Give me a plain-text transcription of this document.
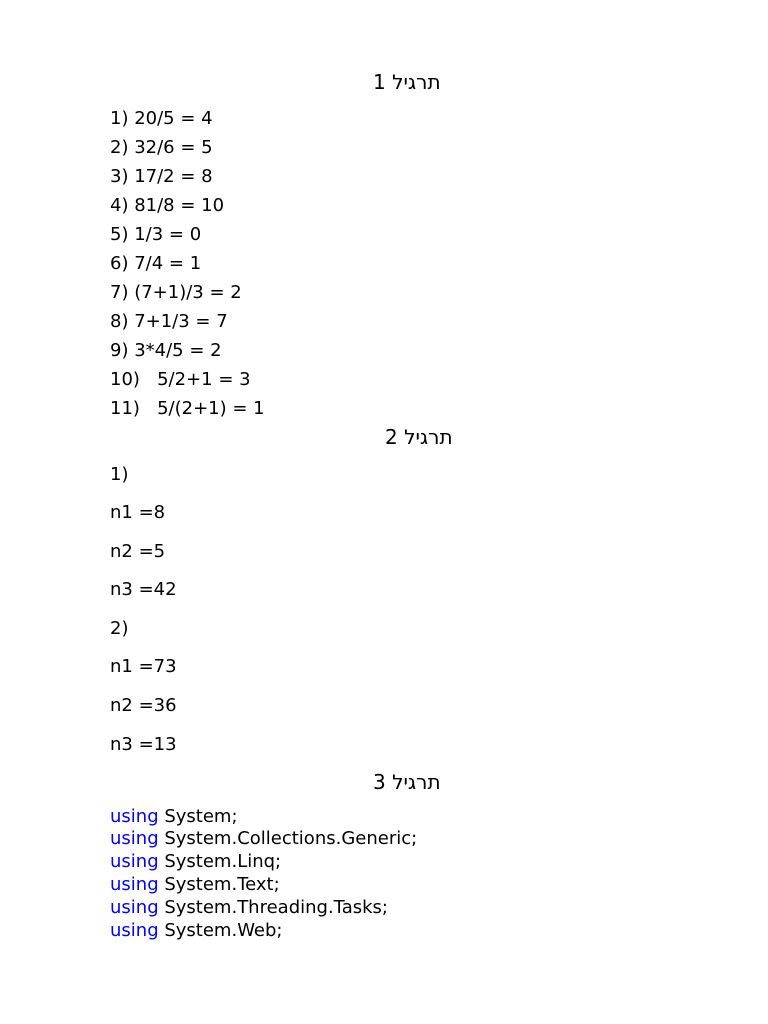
תרגיל 1
1) 20/5 = 4
2) 32/6 = 5
3) 17/2 = 8
4) 81/8 = 10
5) 1/3 = 0
6) 7/4 = 1
7) (7+1)/3 = 2
8) 7+1/3 = 7
9) 3*4/5 = 2
10)   5/2+1 = 3
11)   5/(2+1) = 1
תרגיל 2
1)
n1 =8
n2 =5
n3 =42
2)
n1 =73
n2 =36
n3 =13
תרגיל 3
using System;
using System.Collections.Generic;
using System.Linq;
using System.Text;
using System.Threading.Tasks;
using System.Web;
